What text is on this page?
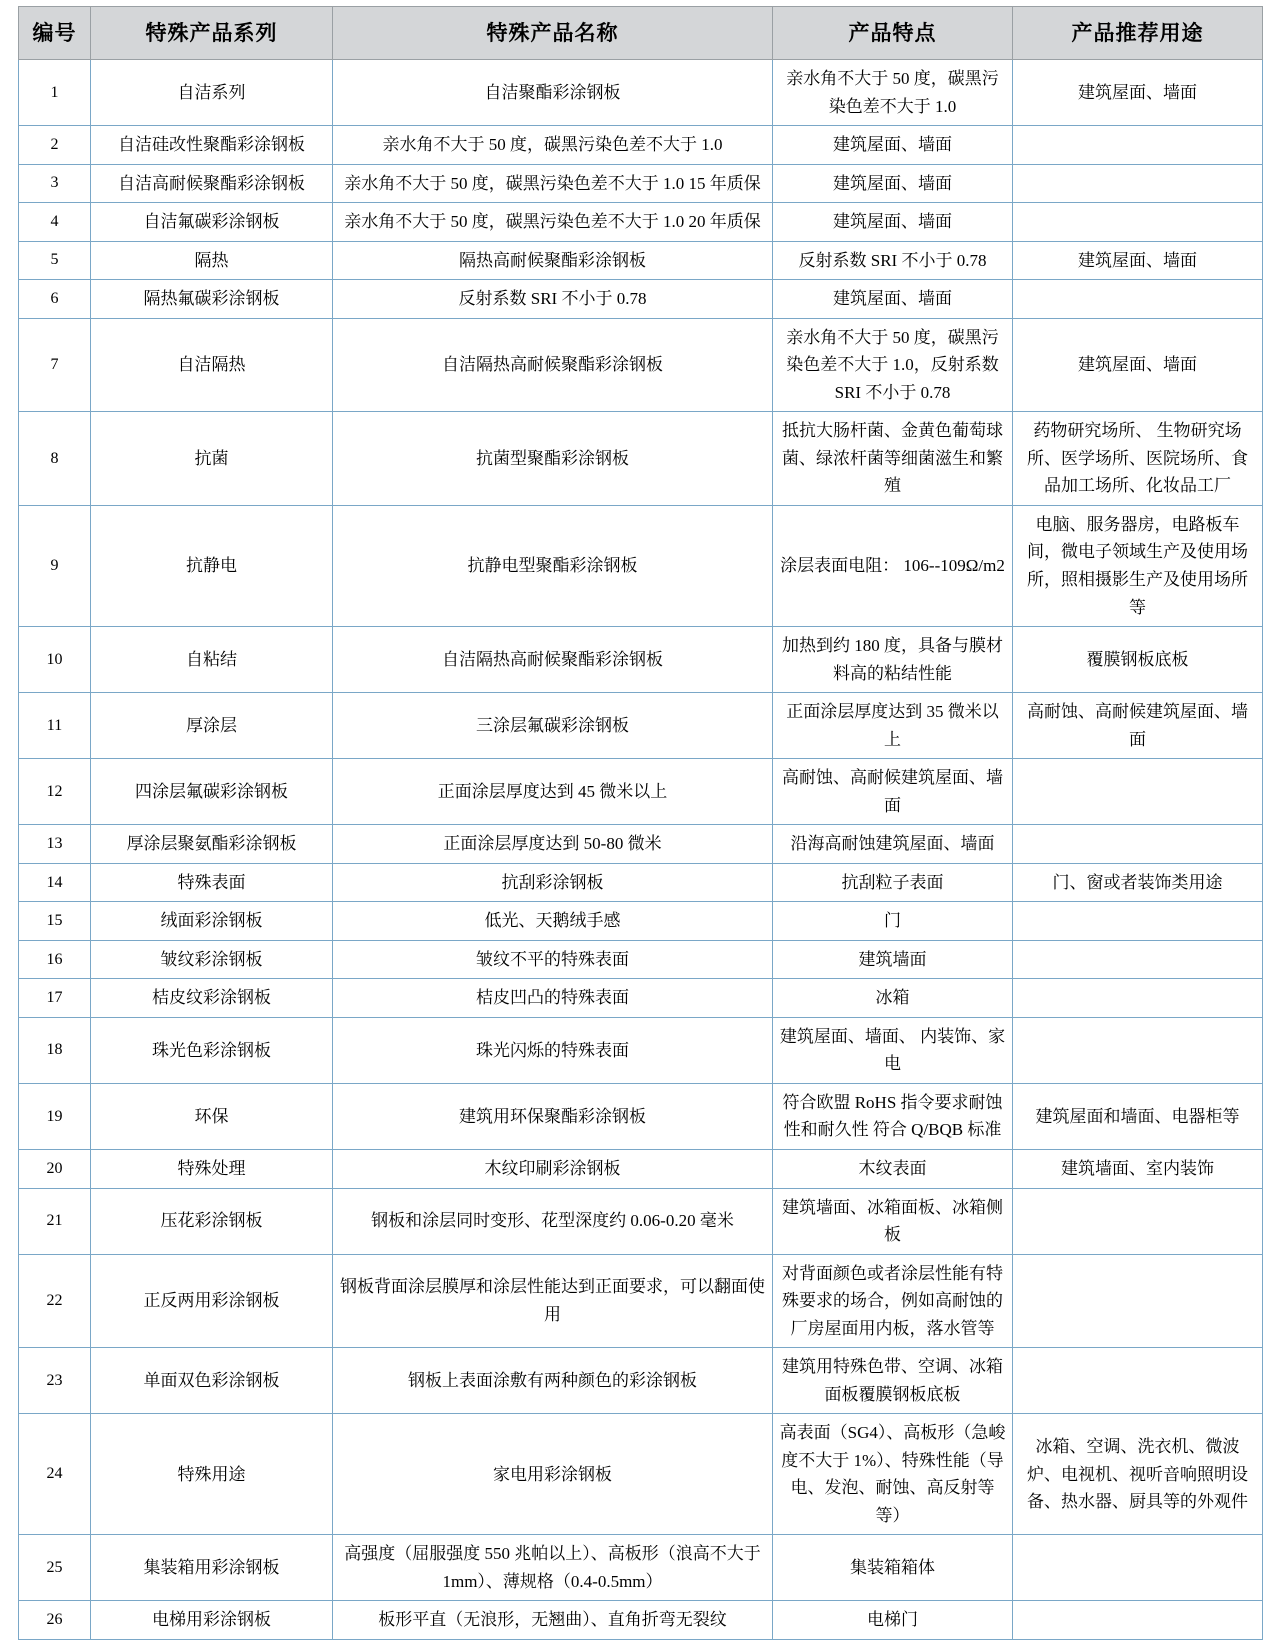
编号	特殊产品系列	特殊产品名称	产品特点	产品推荐用途
1	自洁系列	自洁聚酯彩涂钢板	亲水角不大于 50 度，碳黑污染色差不大于 1.0	建筑屋面、墙面
2	自洁硅改性聚酯彩涂钢板	亲水角不大于 50 度，碳黑污染色差不大于 1.0	建筑屋面、墙面	
3	自洁高耐候聚酯彩涂钢板	亲水角不大于 50 度，碳黑污染色差不大于 1.0 15 年质保	建筑屋面、墙面	
4	自洁氟碳彩涂钢板	亲水角不大于 50 度，碳黑污染色差不大于 1.0 20 年质保	建筑屋面、墙面	
5	隔热	隔热高耐候聚酯彩涂钢板	反射系数 SRI 不小于 0.78	建筑屋面、墙面
6	隔热氟碳彩涂钢板	反射系数 SRI 不小于 0.78	建筑屋面、墙面	
7	自洁隔热	自洁隔热高耐候聚酯彩涂钢板	亲水角不大于 50 度，碳黑污染色差不大于 1.0，反射系数 SRI 不小于 0.78	建筑屋面、墙面
8	抗菌	抗菌型聚酯彩涂钢板	抵抗大肠杆菌、金黄色葡萄球菌、绿浓杆菌等细菌滋生和繁殖	药物研究场所、 生物研究场所、医学场所、医院场所、食品加工场所、化妆品工厂
9	抗静电	抗静电型聚酯彩涂钢板	涂层表面电阻： 106--109Ω/m2	电脑、服务器房，电路板车间，微电子领域生产及使用场所，照相摄影生产及使用场所等
10	自粘结	自洁隔热高耐候聚酯彩涂钢板	加热到约 180 度，具备与膜材料高的粘结性能	覆膜钢板底板
11	厚涂层	三涂层氟碳彩涂钢板	正面涂层厚度达到 35 微米以上	高耐蚀、高耐候建筑屋面、墙面
12	四涂层氟碳彩涂钢板	正面涂层厚度达到 45 微米以上	高耐蚀、高耐候建筑屋面、墙面	
13	厚涂层聚氨酯彩涂钢板	正面涂层厚度达到 50-80 微米	沿海高耐蚀建筑屋面、墙面	
14	特殊表面	抗刮彩涂钢板	抗刮粒子表面	门、窗或者装饰类用途
15	绒面彩涂钢板	低光、天鹅绒手感	门	
16	皱纹彩涂钢板	皱纹不平的特殊表面	建筑墙面	
17	桔皮纹彩涂钢板	桔皮凹凸的特殊表面	冰箱	
18	珠光色彩涂钢板	珠光闪烁的特殊表面	建筑屋面、墙面、 内装饰、家电	
19	环保	建筑用环保聚酯彩涂钢板	符合欧盟 RoHS 指令要求耐蚀性和耐久性 符合 Q/BQB 标准	建筑屋面和墙面、电器柜等
20	特殊处理	木纹印刷彩涂钢板	木纹表面	建筑墙面、室内装饰
21	压花彩涂钢板	钢板和涂层同时变形、花型深度约 0.06-0.20 毫米	建筑墙面、冰箱面板、冰箱侧板	
22	正反两用彩涂钢板	钢板背面涂层膜厚和涂层性能达到正面要求，可以翻面使用	对背面颜色或者涂层性能有特殊要求的场合，例如高耐蚀的厂房屋面用内板，落水管等	
23	单面双色彩涂钢板	钢板上表面涂敷有两种颜色的彩涂钢板	建筑用特殊色带、空调、冰箱面板覆膜钢板底板	
24	特殊用途	家电用彩涂钢板	高表面（SG4）、高板形（急峻度不大于 1%）、特殊性能（导电、发泡、耐蚀、高反射等等）	冰箱、空调、洗衣机、微波炉、电视机、视听音响照明设备、热水器、厨具等的外观件
25	集装箱用彩涂钢板	高强度（屈服强度 550 兆帕以上）、高板形（浪高不大于 1mm）、薄规格（0.4-0.5mm）	集装箱箱体	
26	电梯用彩涂钢板	板形平直（无浪形，无翘曲）、直角折弯无裂纹	电梯门	
